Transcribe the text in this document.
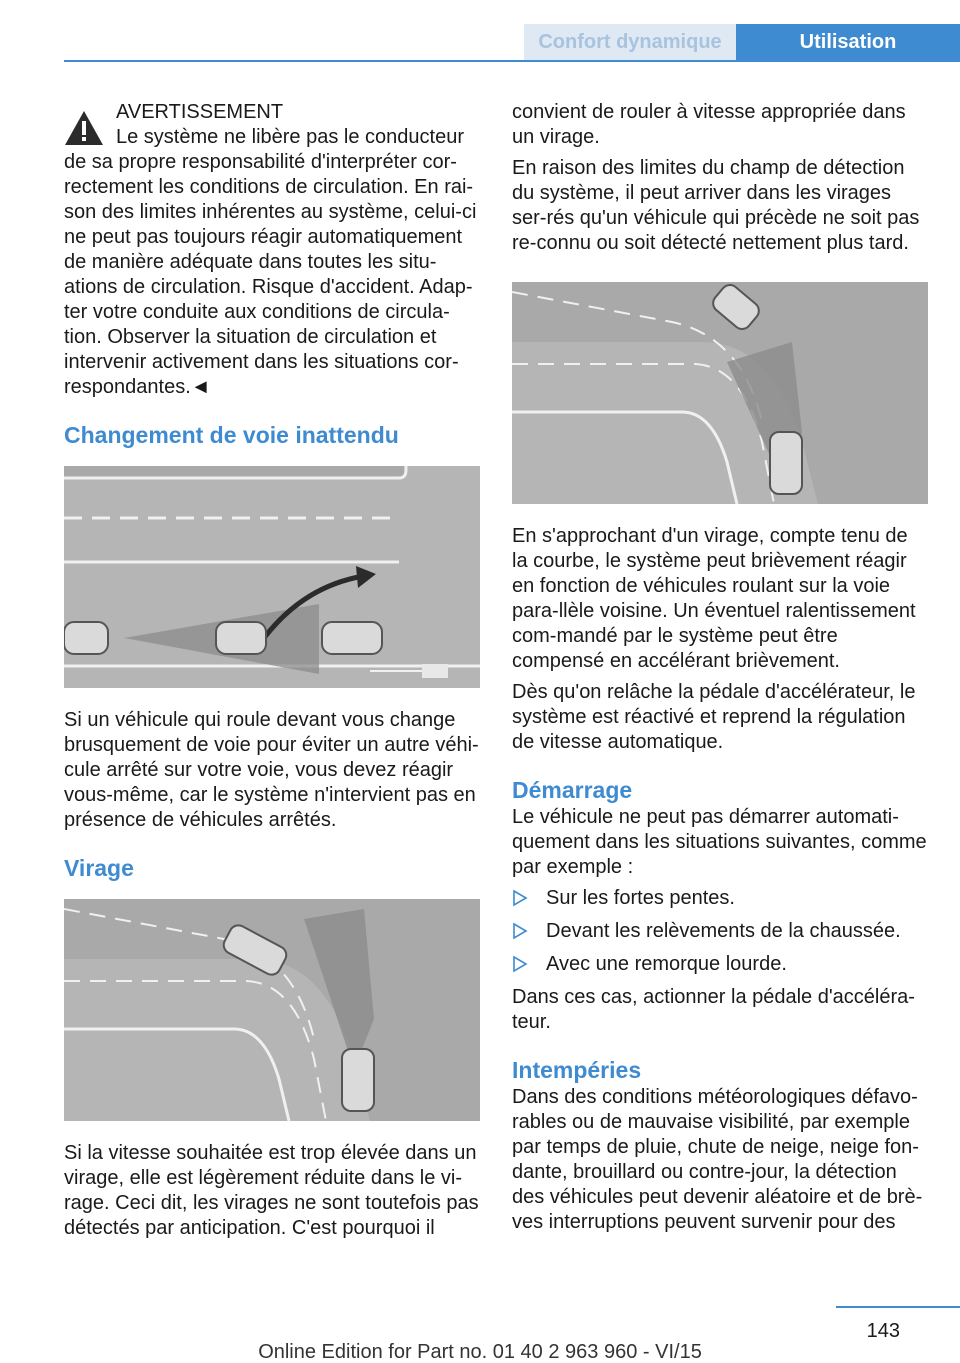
Confort dynamique	Utilisation
AVERTISSEMENT
Le système ne libère pas le conducteur

de sa propre responsabilité d'interpréter cor-rectement les conditions de circulation. En rai-son des limites inhérentes au système, celui-ci ne peut pas toujours réagir automatiquement de manière adéquate dans toutes les situ-ations de circulation. Risque d'accident. Adap-ter votre conduite aux conditions de circula-tion. Observer la situation de circulation et intervenir activement dans les situations cor-respondantes.◄

Changement de voie inattendu

Si un véhicule qui roule devant vous change brusquement de voie pour éviter un autre véhi-cule arrêté sur votre voie, vous devez réagir vous-même, car le système n'intervient pas en présence de véhicules arrêtés.

Virage

Si la vitesse souhaitée est trop élevée dans un virage, elle est légèrement réduite dans le vi-rage. Ceci dit, les virages ne sont toutefois pas détectés par anticipation. C'est pourquoi il

convient de rouler à vitesse appropriée dans un virage.

En raison des limites du champ de détection du système, il peut arriver dans les virages ser-rés qu'un véhicule qui précède ne soit pas re-connu ou soit détecté nettement plus tard.

En s'approchant d'un virage, compte tenu de la courbe, le système peut brièvement réagir en fonction de véhicules roulant sur la voie para-llèle voisine. Un éventuel ralentissement com-mandé par le système peut être compensé en accélérant brièvement.

Dès qu'on relâche la pédale d'accélérateur, le système est réactivé et reprend la régulation de vitesse automatique.

Démarrage

Le véhicule ne peut pas démarrer automati-quement dans les situations suivantes, comme par exemple :

Sur les fortes pentes.
Devant les relèvements de la chaussée.
Avec une remorque lourde.

Dans ces cas, actionner la pédale d'accéléra-teur.

Intempéries

Dans des conditions météorologiques défavo-rables ou de mauvaise visibilité, par exemple par temps de pluie, chute de neige, neige fon-dante, brouillard ou contre-jour, la détection des véhicules peut devenir aléatoire et de brè-ves interruptions peuvent survenir pour des

143
Online Edition for Part no. 01 40 2 963 960 - VI/15
